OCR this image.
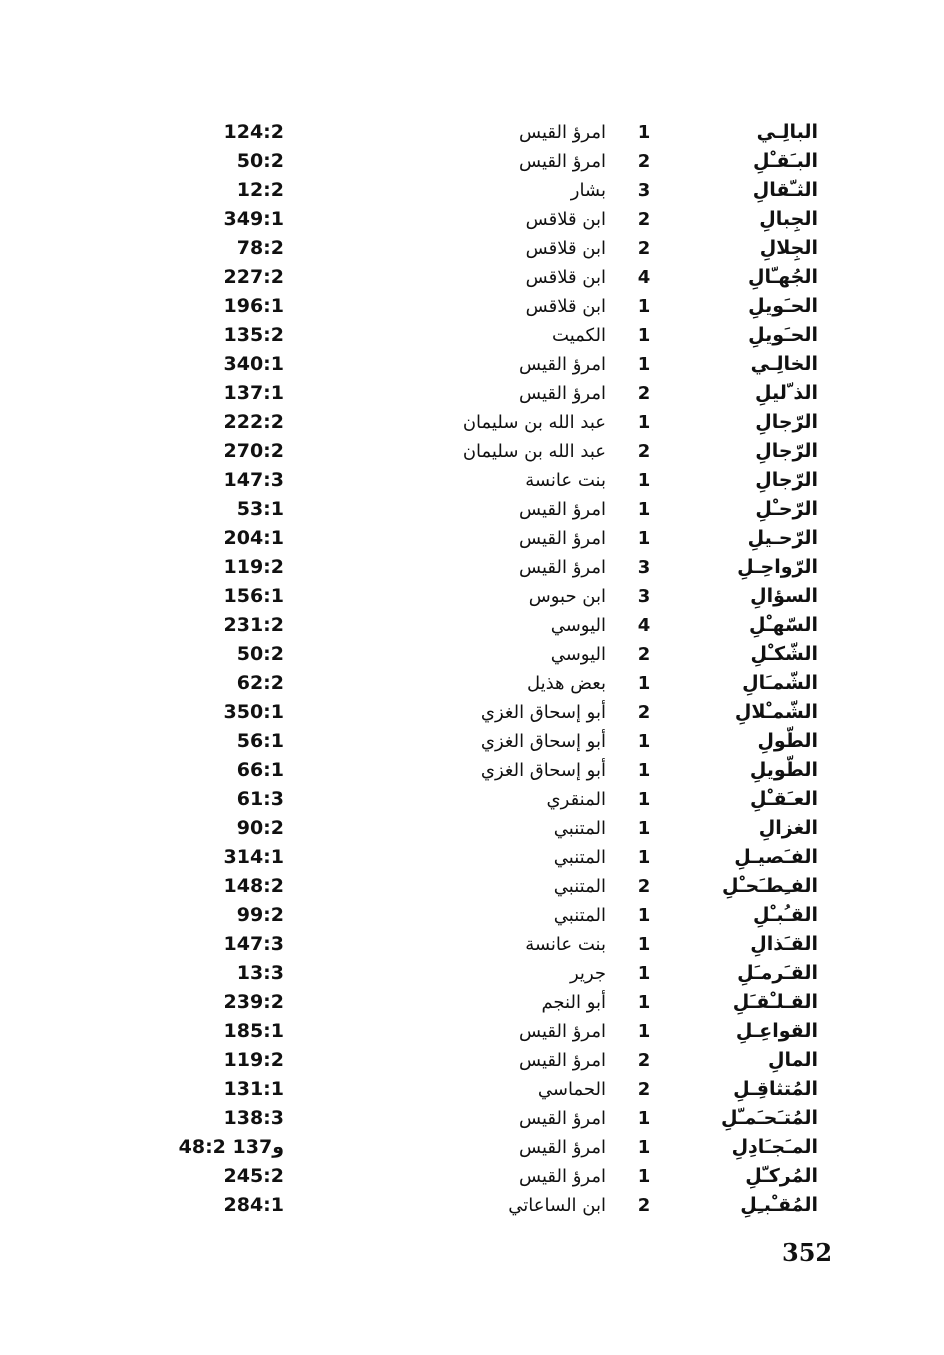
124:2	امرؤ القيس	1	البالِـي
50:2	امرؤ القيس	2	البـَقـْلِ
12:2	بشار	3	الثـّقالِ
349:1	ابن قلاقس	2	الجِبالِ
78:2	ابن قلاقس	2	الجِلالِ
227:2	ابن قلاقس	4	الجُهـّالِ
196:1	ابن قلاقس	1	الحـَويلِ
135:2	الكميت	1	الحـَويلِ
340:1	امرؤ القيس	1	الخالِـي
137:1	امرؤ القيس	2	الذ ّليلِ
222:2	عبد الله بن سليمان	1	الرّجالِ
270:2	عبد الله بن سليمان	2	الرّجالِ
147:3	بنت عانسة	1	الرّجالِ
53:1	امرؤ القيس	1	الرّحـْلِ
204:1	امرؤ القيس	1	الرّحـيلِ
119:2	امرؤ القيس	3	الرّواحِـلِ
156:1	ابن حبوس	3	السؤالِ
231:2	اليوسي	4	السّهـْلِ
50:2	اليوسي	2	الشّكـْلِ
62:2	بعض هذيل	1	الشّمـَالِ
350:1	أبو إسحاق الغزي	2	الشّمـْلالِ
56:1	أبو إسحاق الغزي	1	الطّولِ
66:1	أبو إسحاق الغزي	1	الطّويلِ
61:3	المنقري	1	العـَقـْلِ
90:2	المتنبي	1	الغزالِ
314:1	المتنبي	1	الفـَصيـلِ
148:2	المتنبي	2	الفـِطـَحـْلِ
99:2	المتنبي	1	القـُبـْلِ
147:3	بنت عانسة	1	القـَذالِ
13:3	جرير	1	القـَرمـَلِ
239:2	أبو النجم	1	القـلـْقـَلِ
185:1	امرؤ القيس	1	القواعِـلِ
119:2	امرؤ القيس	2	المالِ
131:1	الحماسي	2	المُتثاقِـلِ
138:3	امرؤ القيس	1	المُتـَحـَمـّلِ
48:2 و137	امرؤ القيس	1	المـَجـَادِلِ
245:2	امرؤ القيس	1	المُركـّلِ
284:1	ابن الساعاتي	2	المُقـْبـِلِ
352
